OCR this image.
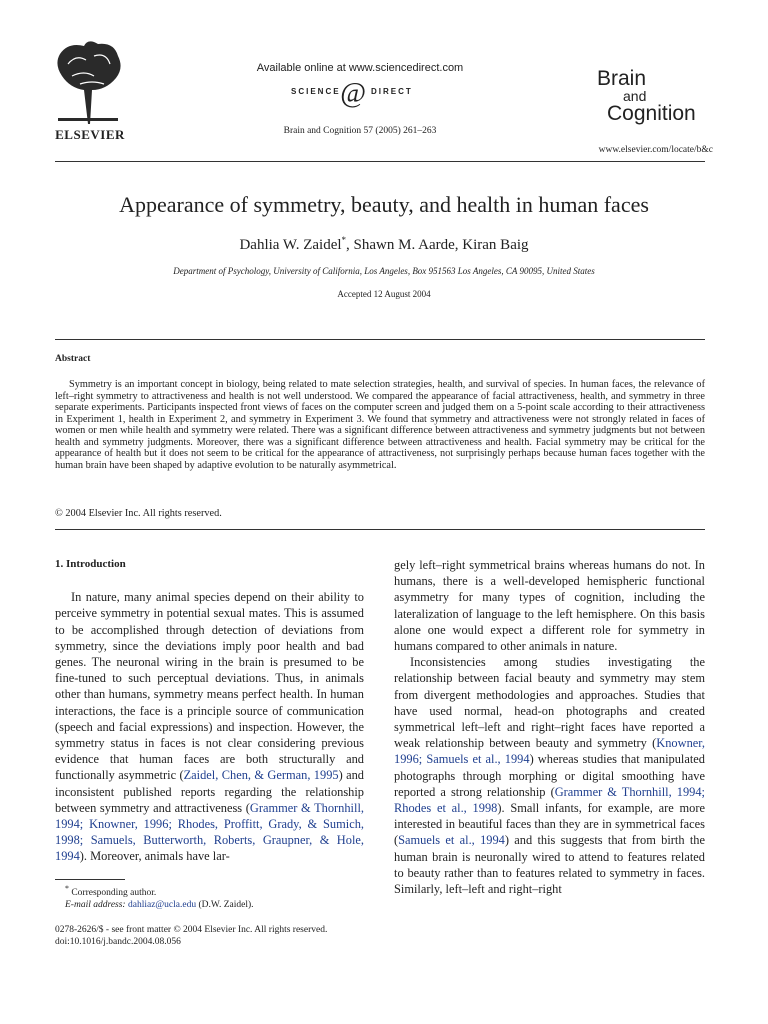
ELSEVIER
Available online at www.sciencedirect.com
@
SCIENCE	DIRECT
Brain and Cognition 57 (2005) 261–263
Brain
and
Cognition
www.elsevier.com/locate/b&c
Appearance of symmetry, beauty, and health in human faces
Dahlia W. Zaidel*, Shawn M. Aarde, Kiran Baig
Department of Psychology, University of California, Los Angeles, Box 951563 Los Angeles, CA 90095, United States
Accepted 12 August 2004
Abstract
Symmetry is an important concept in biology, being related to mate selection strategies, health, and survival of species. In human faces, the relevance of left–right symmetry to attractiveness and health is not well understood. We compared the appearance of facial attractiveness, health, and symmetry in three separate experiments. Participants inspected front views of faces on the computer screen and judged them on a 5-point scale according to their attractiveness in Experiment 1, health in Experiment 2, and symmetry in Experiment 3. We found that symmetry and attractiveness were not strongly related in faces of women or men while health and symmetry were related. There was a significant difference between attractiveness and symmetry judgments but not between health and symmetry judgments. Moreover, there was a significant difference between attractiveness and health. Facial symmetry may be critical for the appearance of health but it does not seem to be critical for the appearance of attractiveness, not surprisingly perhaps because human faces together with the human brain have been shaped by adaptive evolution to be naturally asymmetrical.
© 2004 Elsevier Inc. All rights reserved.

1. Introduction

In nature, many animal species depend on their ability to perceive symmetry in potential sexual mates. This is assumed to be accomplished through detection of deviations from symmetry, since the deviations imply poor health and bad genes. The neuronal wiring in the brain is presumed to be fine-tuned to such perceptual deviations. Thus, in animals other than humans, symmetry means perfect health. In human interactions, the face is a principle source of communication (speech and facial expressions) and inspection. However, the symmetry status in faces is not clear considering previous evidence that human faces are both structurally and functionally asymmetric (Zaidel, Chen, & German, 1995) and inconsistent published reports regarding the relationship between symmetry and attractiveness (Grammer & Thornhill, 1994; Knowner, 1996; Rhodes, Proffitt, Grady, & Sumich, 1998; Samuels, Butterworth, Roberts, Graupner, & Hole, 1994). Moreover, animals have lar-

gely left–right symmetrical brains whereas humans do not. In humans, there is a well-developed hemispheric functional asymmetry for many types of cognition, including the lateralization of language to the left hemisphere. On this basis alone one would expect a different role for symmetry in humans compared to other animals in nature.

Inconsistencies among studies investigating the relationship between facial beauty and symmetry may stem from divergent methodologies and approaches. Studies that have used normal, head-on photographs and created symmetrical left–left and right–right faces have reported a weak relationship between beauty and symmetry (Knowner, 1996; Samuels et al., 1994) whereas studies that manipulated photographs through morphing or digital smoothing have reported a strong relationship (Grammer & Thornhill, 1994; Rhodes et al., 1998). Small infants, for example, are more interested in beautiful faces than they are in symmetrical faces (Samuels et al., 1994) and this suggests that from birth the human brain is neuronally wired to attend to features related to beauty rather than to features related to symmetry in faces. Similarly, left–left and right–right

* Corresponding author.
E-mail address: dahliaz@ucla.edu (D.W. Zaidel).
0278-2626/$ - see front matter © 2004 Elsevier Inc. All rights reserved.
doi:10.1016/j.bandc.2004.08.056
